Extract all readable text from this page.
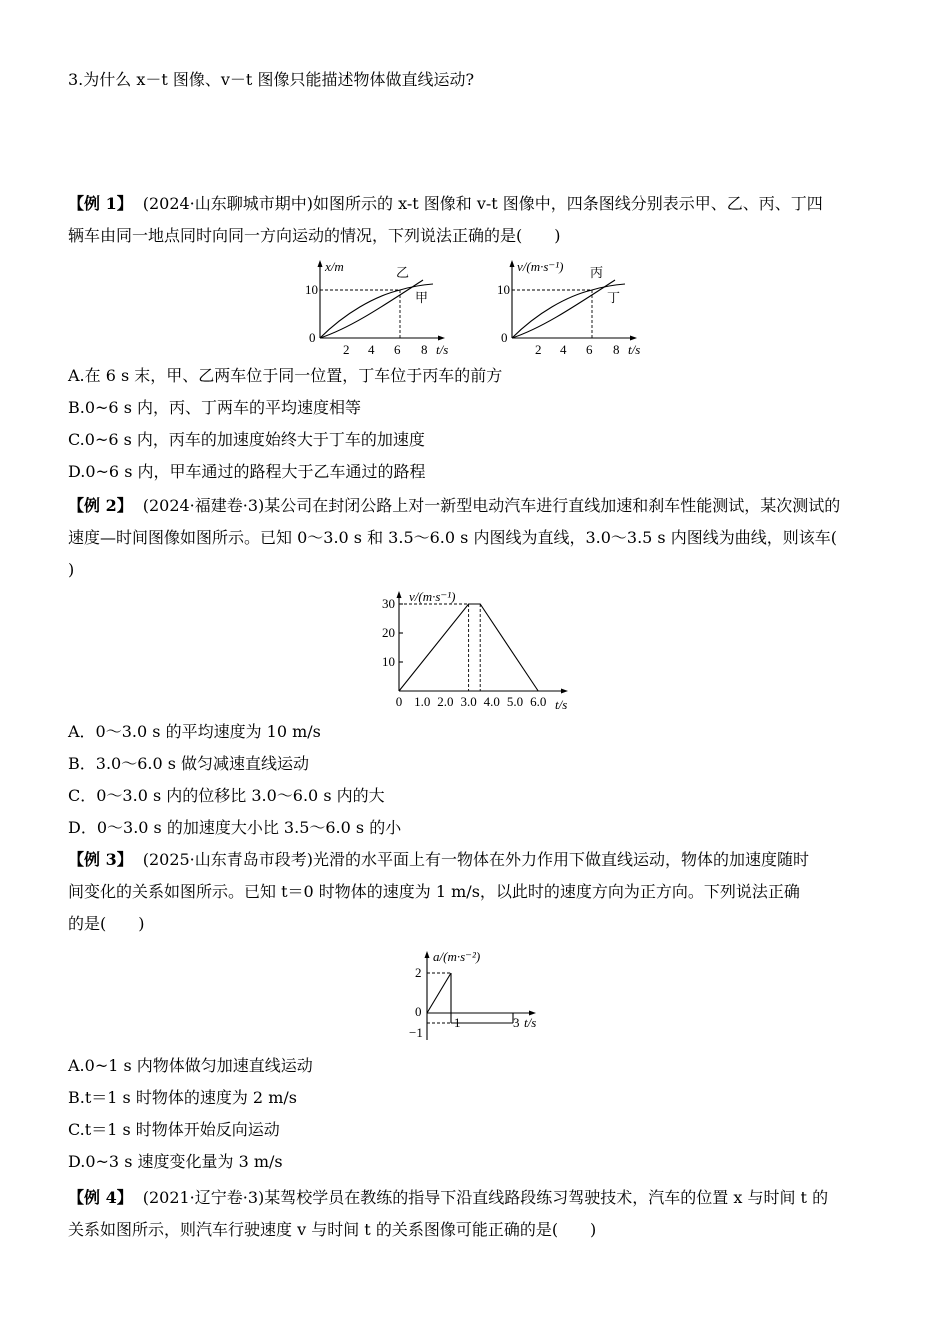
3.为什么 x－t 图像、v－t 图像只能描述物体做直线运动?
【例 1】 (2024·山东聊城市期中)如图所示的 x-t 图像和 v-t 图像中，四条图线分别表示甲、乙、丙、丁四
辆车由同一地点同时向同一方向运动的情况，下列说法正确的是(　　)
x/m
10
0
2 4 6 8 t/s
乙
甲
v/(m·s⁻¹)
10
0
2 4 6 8 t/s
丙
丁
A.在 6 s 末，甲、乙两车位于同一位置，丁车位于丙车的前方
B.0~6 s 内，丙、丁两车的平均速度相等
C.0~6 s 内，丙车的加速度始终大于丁车的加速度
D.0~6 s 内，甲车通过的路程大于乙车通过的路程
【例 2】 (2024·福建卷·3)某公司在封闭公路上对一新型电动汽车进行直线加速和刹车性能测试，某次测试的
速度—时间图像如图所示。已知 0～3.0 s 和 3.5～6.0 s 内图线为直线，3.0～3.5 s 内图线为曲线，则该车(
)
v/(m·s⁻¹)
t/s
10
20
30
0 1.0 2.0 3.0 4.0 5.0 6.0
A．0～3.0 s 的平均速度为 10 m/s
B．3.0～6.0 s 做匀减速直线运动
C．0～3.0 s 内的位移比 3.0～6.0 s 内的大
D．0～3.0 s 的加速度大小比 3.5～6.0 s 的小
【例 3】 (2025·山东青岛市段考)光滑的水平面上有一物体在外力作用下做直线运动，物体的加速度随时
间变化的关系如图所示。已知 t＝0 时物体的速度为 1 m/s，以此时的速度方向为正方向。下列说法正确
的是(　　)
a/(m·s⁻²)
2
0
−1
1	3 t/s
A.0~1 s 内物体做匀加速直线运动
B.t＝1 s 时物体的速度为 2 m/s
C.t＝1 s 时物体开始反向运动
D.0~3 s 速度变化量为 3 m/s
【例 4】 (2021·辽宁卷·3)某驾校学员在教练的指导下沿直线路段练习驾驶技术，汽车的位置 x 与时间 t 的
关系如图所示，则汽车行驶速度 v 与时间 t 的关系图像可能正确的是(　　)
